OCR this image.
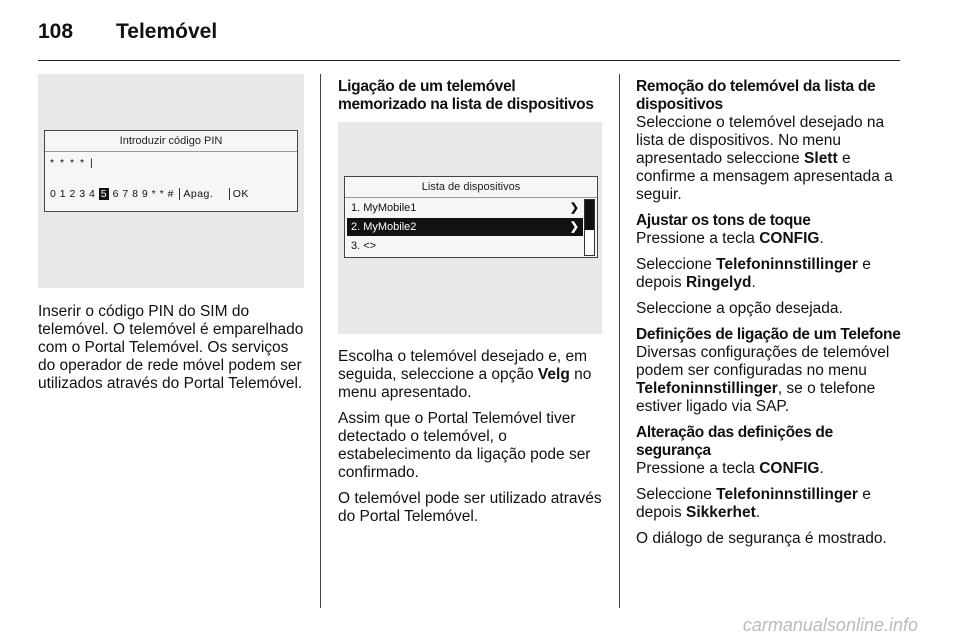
108 Telemóvel
Introduzir código PIN
* * * * |
0 1 2 3 4 5 6 7 8 9 * * # Apag. OK

Inserir o código PIN do SIM do telemóvel. O telemóvel é emparelhado com o Portal Telemóvel. Os serviços do operador de rede móvel podem ser utilizados através do Portal Telemóvel.

Ligação de um telemóvel memorizado na lista de dispositivos
Lista de dispositivos
1. MyMobile1	❯
2. MyMobile2	❯
3. <>

Escolha o telemóvel desejado e, em seguida, seleccione a opção Velg no menu apresentado.

Assim que o Portal Telemóvel tiver detectado o telemóvel, o estabelecimento da ligação pode ser confirmado.

O telemóvel pode ser utilizado através do Portal Telemóvel.

Remoção do telemóvel da lista de dispositivos

Seleccione o telemóvel desejado na lista de dispositivos. No menu apresentado seleccione Slett e confirme a mensagem apresentada a seguir.

Ajustar os tons de toque

Pressione a tecla CONFIG.

Seleccione Telefoninnstillinger e depois Ringelyd.

Seleccione a opção desejada.

Definições de ligação de um Telefone

Diversas configurações de telemóvel podem ser configuradas no menu Telefoninnstillinger, se o telefone estiver ligado via SAP.

Alteração das definições de segurança

Pressione a tecla CONFIG.

Seleccione Telefoninnstillinger e depois Sikkerhet.

O diálogo de segurança é mostrado.

carmanualsonline.info
